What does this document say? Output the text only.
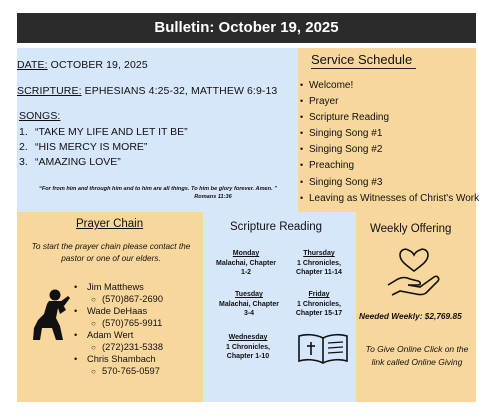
Bulletin: October 19, 2025
DATE: OCTOBER 19, 2025
SCRIPTURE: EPHESIANS 4:25-32, MATTHEW 6:9-13
SONGS:
1. “TAKE MY LIFE AND LET IT BE”
2. “HIS MERCY IS MORE”
3. “AMAZING LOVE”
“For from him and through him and to him are all things. To him be glory forever. Amen. ”
Romans 11:36
Service Schedule
• Welcome!
• Prayer
• Scripture Reading
• Singing Song #1
• Singing Song #2
• Preaching
• Singing Song #3
• Leaving as Witnesses of Christ's Work
Prayer Chain
To start the prayer chain please contact the pastor or one of our elders.
• Jim Matthews
○ (570)867-2690
• Wade DeHaas
○ (570)765-9911
• Adam Wert
○ (272)231-5338
• Chris Shambach
○ 570-765-0597
Scripture Reading
Monday
Malachai, Chapter 1-2
Thursday
1 Chronicles, Chapter 11-14
Tuesday
Malachai, Chapter 3-4
Friday
1 Chronicles, Chapter 15-17
Wednesday
1 Chronicles, Chapter 1-10
Weekly Offering
Needed Weekly: $2,769.85
To Give Online Click on the link called Online Giving
